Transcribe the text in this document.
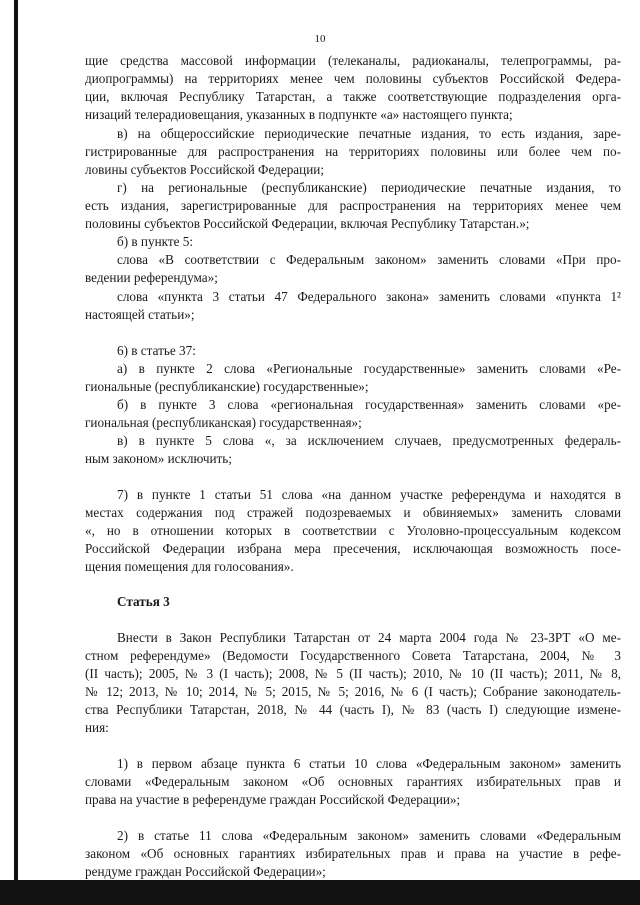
10
щие средства массовой информации (телеканалы, радиоканалы, телепрограммы, ра-
диопрограммы) на территориях менее чем половины субъектов Российской Федера-
ции, включая Республику Татарстан, а также соответствующие подразделения орга-
низаций телерадиовещания, указанных в подпункте «а» настоящего пункта;
в) на общероссийские периодические печатные издания, то есть издания, заре-
гистрированные для распространения на территориях половины или более чем по-
ловины субъектов Российской Федерации;
г) на региональные (республиканские) периодические печатные издания, то
есть издания, зарегистрированные для распространения на территориях менее чем
половины субъектов Российской Федерации, включая Республику Татарстан.»;
б) в пункте 5:
слова «В соответствии с Федеральным законом» заменить словами «При про-
ведении референдума»;
слова «пункта 3 статьи 47 Федерального закона» заменить словами «пункта 1²
настоящей статьи»;
6) в статье 37:
а) в пункте 2 слова «Региональные государственные» заменить словами «Ре-
гиональные (республиканские) государственные»;
б) в пункте 3 слова «региональная государственная» заменить словами «ре-
гиональная (республиканская) государственная»;
в) в пункте 5 слова «, за исключением случаев, предусмотренных федераль-
ным законом» исключить;
7) в пункте 1 статьи 51 слова «на данном участке референдума и находятся в
местах содержания под стражей подозреваемых и обвиняемых» заменить словами
«, но в отношении которых в соответствии с Уголовно-процессуальным кодексом
Российской Федерации избрана мера пресечения, исключающая возможность посе-
щения помещения для голосования».
Статья 3
Внести в Закон Республики Татарстан от 24 марта 2004 года № 23-ЗРТ «О ме-
стном референдуме» (Ведомости Государственного Совета Татарстана, 2004, № 3
(II часть); 2005, № 3 (I часть); 2008, № 5 (II часть); 2010, № 10 (II часть); 2011, № 8,
№ 12; 2013, № 10; 2014, № 5; 2015, № 5; 2016, № 6 (I часть); Собрание законодатель-
ства Республики Татарстан, 2018, № 44 (часть I), № 83 (часть I) следующие измене-
ния:
1) в первом абзаце пункта 6 статьи 10 слова «Федеральным законом» заменить
словами «Федеральным законом «Об основных гарантиях избирательных прав и
права на участие в референдуме граждан Российской Федерации»;
2) в статье 11 слова «Федеральным законом» заменить словами «Федеральным
законом «Об основных гарантиях избирательных прав и права на участие в рефе-
рендуме граждан Российской Федерации»;
